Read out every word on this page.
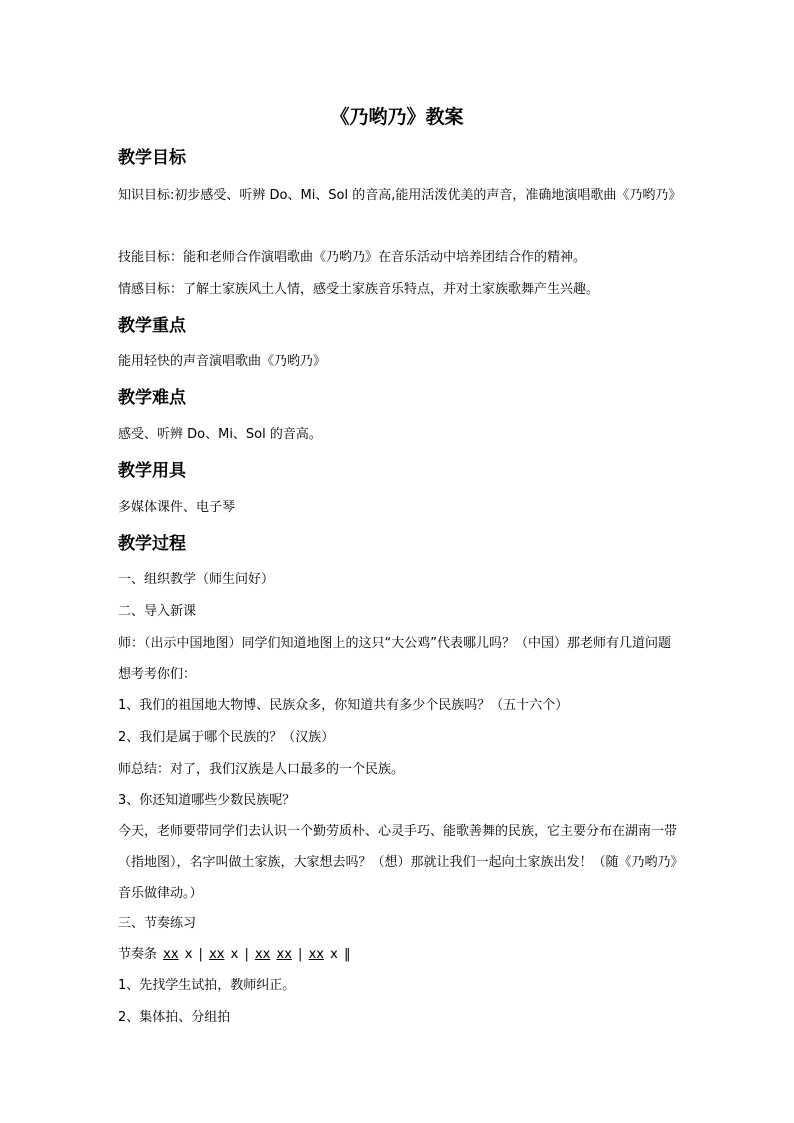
《乃哟乃》教案
教学目标
知识目标:初步感受、听辨 Do、Mi、Sol 的音高,能用活泼优美的声音，准确地演唱歌曲《乃哟乃》
技能目标：能和老师合作演唱歌曲《乃哟乃》在音乐活动中培养团结合作的精神。
情感目标：了解土家族风土人情，感受土家族音乐特点，并对土家族歌舞产生兴趣。
教学重点
能用轻快的声音演唱歌曲《乃哟乃》
教学难点
感受、听辨 Do、Mi、Sol 的音高。
教学用具
多媒体课件、电子琴
教学过程
一、组织教学（师生问好）
二、导入新课
师：（出示中国地图）同学们知道地图上的这只“大公鸡”代表哪儿吗？（中国）那老师有几道问题想考考你们：
1、我们的祖国地大物博、民族众多，你知道共有多少个民族吗？（五十六个）
2、我们是属于哪个民族的？（汉族）
师总结：对了，我们汉族是人口最多的一个民族。
3、你还知道哪些少数民族呢？
今天，老师要带同学们去认识一个勤劳质朴、心灵手巧、能歌善舞的民族，它主要分布在湖南一带（指地图），名字叫做土家族，大家想去吗？（想）那就让我们一起向土家族出发！（随《乃哟乃》音乐做律动。）
三、节奏练习
节奏条 xx x | xx x | xx xx | xx x ‖
1、先找学生试拍，教师纠正。
2、集体拍、分组拍
